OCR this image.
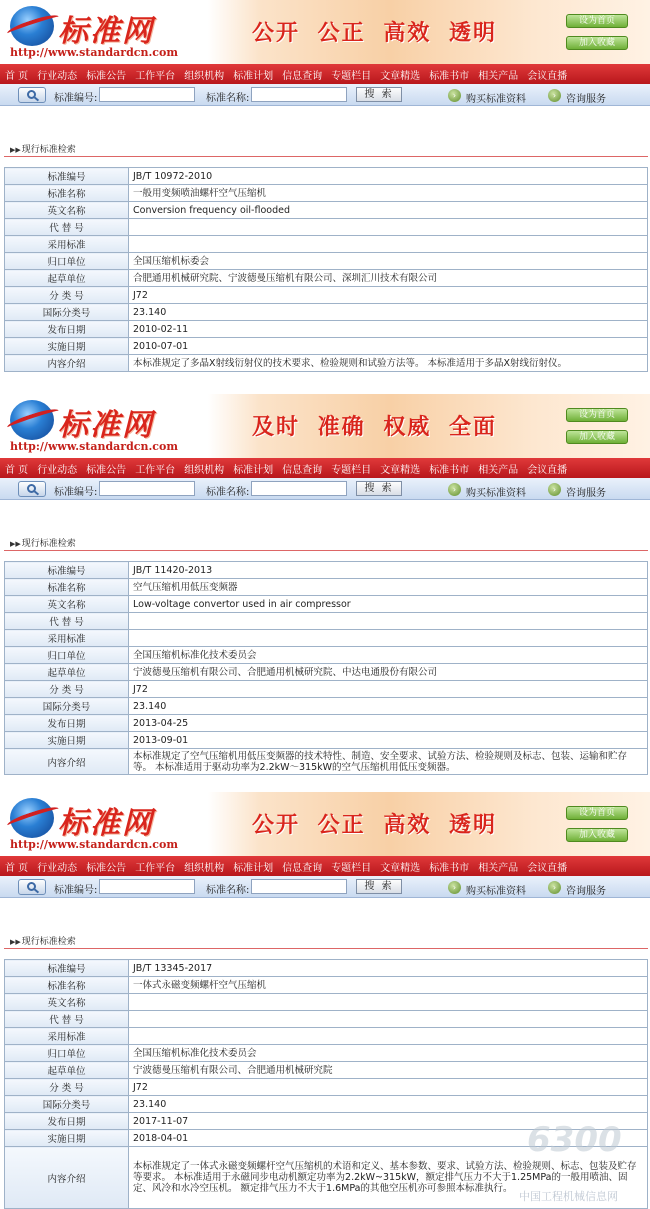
标准网
http://www.standardcn.com
公开 公正 高效 透明	设为首页
加入收藏
首 页 行业动态 标准公告 工作平台 组织机构 标准计划 信息查询 专题栏目 文章精选 标准书市 相关产品 会议直播
标准编号:	标准名称:	搜 索	› 购买标准资料	› 咨询服务
▶▶现行标准检索
标准编号	JB/T 10972-2010
标准名称	一般用变频喷油螺杆空气压缩机
英文名称	Conversion frequency oil-flooded
代 替 号	
采用标准	
归口单位	全国压缩机标委会
起草单位	合肥通用机械研究院、宁波德曼压缩机有限公司、深圳汇川技术有限公司
分 类 号	J72
国际分类号	23.140
发布日期	2010-02-11
实施日期	2010-07-01
内容介绍	本标准规定了多晶X射线衍射仪的技术要求、检验规则和试验方法等。 本标准适用于多晶X射线衍射仪。
标准网
http://www.standardcn.com
及时 准确 权威 全面	设为首页
加入收藏
首 页 行业动态 标准公告 工作平台 组织机构 标准计划 信息查询 专题栏目 文章精选 标准书市 相关产品 会议直播
标准编号:	标准名称:	搜 索	› 购买标准资料	› 咨询服务
▶▶现行标准检索
标准编号	JB/T 11420-2013
标准名称	空气压缩机用低压变频器
英文名称	Low-voltage convertor used in air compressor
代 替 号	
采用标准	
归口单位	全国压缩机标准化技术委员会
起草单位	宁波德曼压缩机有限公司、合肥通用机械研究院、中达电通股份有限公司
分 类 号	J72
国际分类号	23.140
发布日期	2013-04-25
实施日期	2013-09-01
内容介绍	本标准规定了空气压缩机用低压变频器的技术特性、制造、安全要求、试验方法、检验规则及标志、包装、运输和贮存等。 本标准适用于驱动功率为2.2kW～315kW的空气压缩机用低压变频器。
标准网
http://www.standardcn.com
公开 公正 高效 透明	设为首页
加入收藏
首 页 行业动态 标准公告 工作平台 组织机构 标准计划 信息查询 专题栏目 文章精选 标准书市 相关产品 会议直播
标准编号:	标准名称:	搜 索	› 购买标准资料	› 咨询服务
▶▶现行标准检索
标准编号	JB/T 13345-2017
标准名称	一体式永磁变频螺杆空气压缩机
英文名称	
代 替 号	
采用标准	
归口单位	全国压缩机标准化技术委员会
起草单位	宁波德曼压缩机有限公司、合肥通用机械研究院
分 类 号	J72
国际分类号	23.140
发布日期	2017-11-07
实施日期	2018-04-01
内容介绍	本标准规定了一体式永磁变频螺杆空气压缩机的术语和定义、基本参数、要求、试验方法、检验规则、标志、包装及贮存等要求。 本标准适用于永磁同步电动机额定功率为2.2kW~315kW，额定排气压力不大于1.25MPa的一般用喷油、固定、风冷和水冷空压机。 额定排气压力不大于1.6MPa的其他空压机亦可参照本标准执行。
6300
中国工程机械信息网
